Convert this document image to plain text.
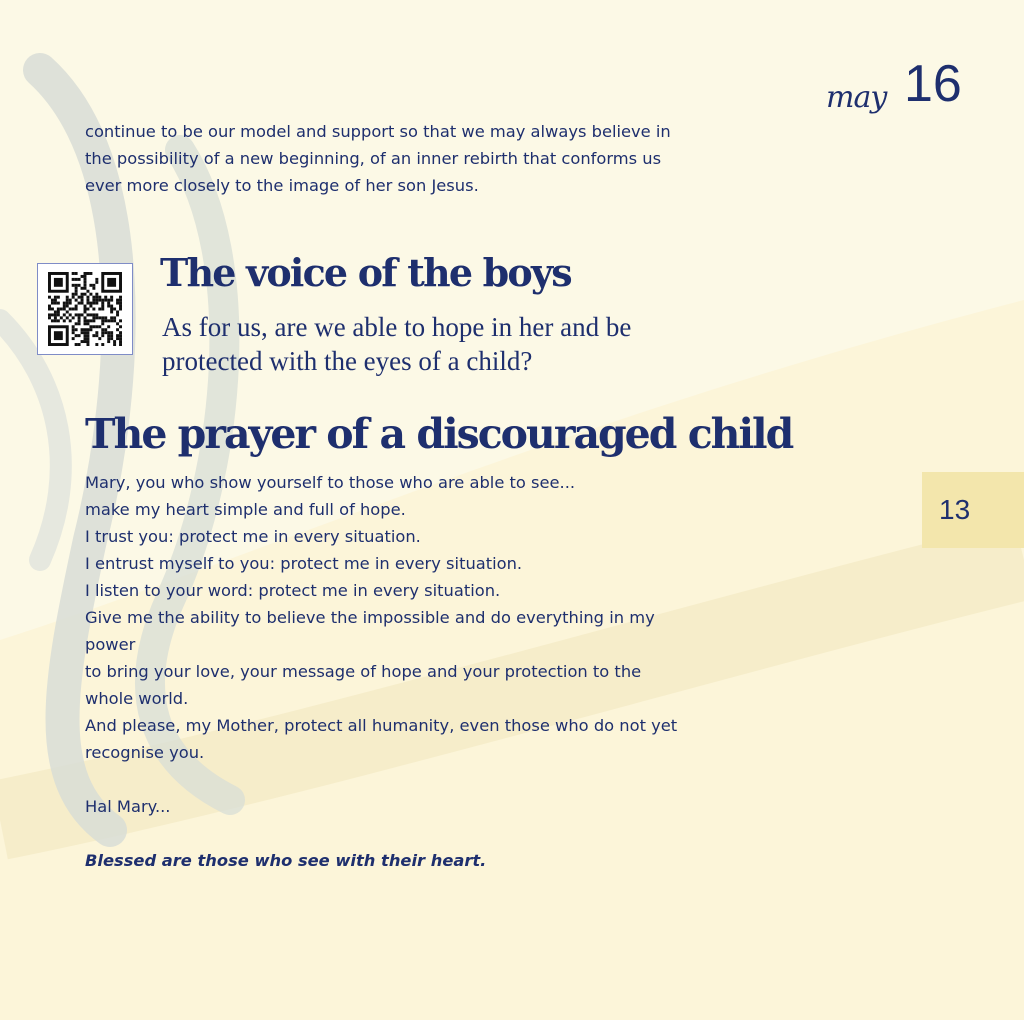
may 16

continue to be our model and support so that we may always believe in

the possibility of a new beginning, of an inner rebirth that conforms us

ever more closely to the image of her son Jesus.

The voice of the boys
As for us, are we able to hope in her and be
protected with the eyes of a child?
The prayer of a discouraged child
Mary, you who show yourself to those who are able to see...
make my heart simple and full of hope.
I trust you: protect me in every situation.
I entrust myself to you: protect me in every situation.
I listen to your word: protect me in every situation.
Give me the ability to believe the impossible and do everything in my
power
to bring your love, your message of hope and your protection to the
whole world.
And please, my Mother, protect all humanity, even those who do not yet
recognise you.
Hal Mary...
Blessed are those who see with their heart.
13
